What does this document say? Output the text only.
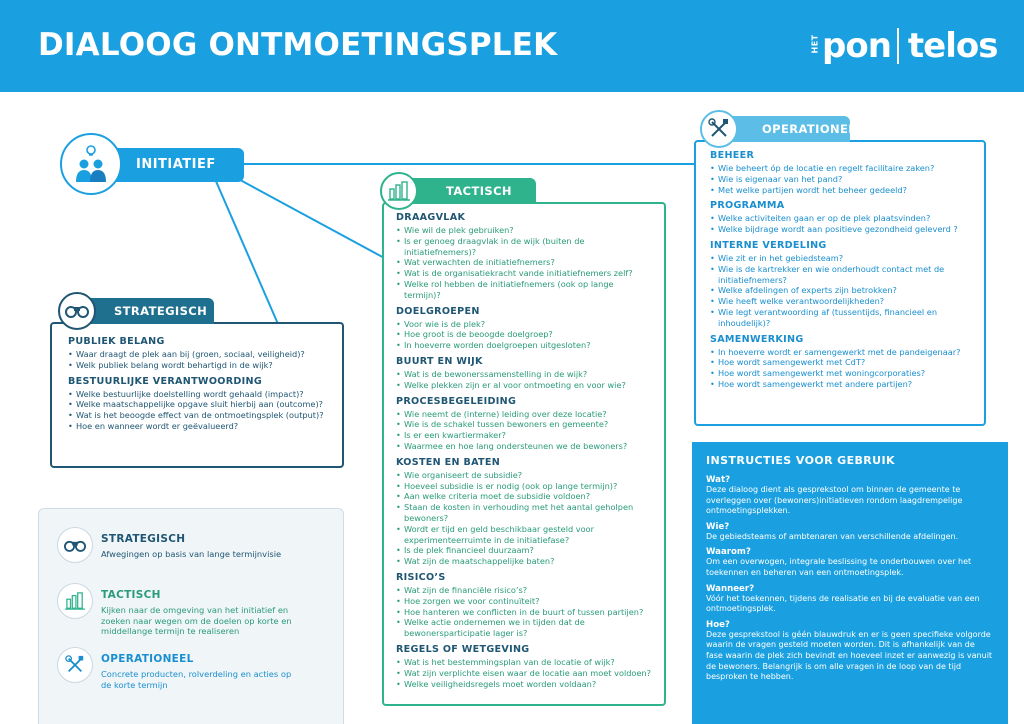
DIALOOG ONTMOETINGSPLEK	HET pon telos
INITIATIEF
PUBLIEK BELANG
• Waar draagt de plek aan bij (groen, sociaal, veiligheid)?
• Welk publiek belang wordt behartigd in de wijk?
BESTUURLIJKE VERANTWOORDING
• Welke bestuurlijke doelstelling wordt gehaald (impact)?
• Welke maatschappelijke opgave sluit hierbij aan (outcome)?
• Wat is het beoogde effect van de ontmoetingsplek (output)?
• Hoe en wanneer wordt er geëvalueerd?
STRATEGISCH
DRAAGVLAK
• Wie wil de plek gebruiken?
• Is er genoeg draagvlak in de wijk (buiten de initiatiefnemers)?
• Wat verwachten de initiatiefnemers?
• Wat is de organisatiekracht vande initiatiefnemers zelf?
• Welke rol hebben de initiatiefnemers (ook op lange termijn)?
DOELGROEPEN
• Voor wie is de plek?
• Hoe groot is de beoogde doelgroep?
• In hoeverre worden doelgroepen uitgesloten?
BUURT EN WIJK
• Wat is de bewonerssamenstelling in de wijk?
• Welke plekken zijn er al voor ontmoeting en voor wie?
PROCESBEGELEIDING
• Wie neemt de (interne) leiding over deze locatie?
• Wie is de schakel tussen bewoners en gemeente?
• Is er een kwartiermaker?
• Waarmee en hoe lang ondersteunen we de bewoners?
KOSTEN EN BATEN
• Wie organiseert de subsidie?
• Hoeveel subsidie is er nodig (ook op lange termijn)?
• Aan welke criteria moet de subsidie voldoen?
• Staan de kosten in verhouding met het aantal geholpen bewoners?
• Wordt er tijd en geld beschikbaar gesteld voor experimenteerruimte in de initiatiefase?
• Is de plek financieel duurzaam?
• Wat zijn de maatschappelijke baten?
RISICO’S
• Wat zijn de financiële risico’s?
• Hoe zorgen we voor continuïteit?
• Hoe hanteren we conflicten in de buurt of tussen partijen?
• Welke actie ondernemen we in tijden dat de bewonersparticipatie lager is?
REGELS OF WETGEVING
• Wat is het bestemmingsplan van de locatie of wijk?
• Wat zijn verplichte eisen waar de locatie aan moet voldoen?
• Welke veiligheidsregels moet worden voldaan?
TACTISCH
BEHEER
• Wie beheert óp de locatie en regelt facilitaire zaken?
• Wie is eigenaar van het pand?
• Met welke partijen wordt het beheer gedeeld?
PROGRAMMA
• Welke activiteiten gaan er op de plek plaatsvinden?
• Welke bijdrage wordt aan positieve gezondheid geleverd ?
INTERNE VERDELING
• Wie zit er in het gebiedsteam?
• Wie is de kartrekker en wie onderhoudt contact met de initiatiefnemers?
• Welke afdelingen of experts zijn betrokken?
• Wie heeft welke verantwoordelijkheden?
• Wie legt verantwoording af (tussentijds, financieel en inhoudelijk)?
SAMENWERKING
• In hoeverre wordt er samengewerkt met de pandeigenaar?
• Hoe wordt samengewerkt met CdT?
• Hoe wordt samengewerkt met woningcorporaties?
• Hoe wordt samengewerkt met andere partijen?
OPERATIONEEL
STRATEGISCH
Afwegingen op basis van lange termijnvisie
TACTISCH
Kijken naar de omgeving van het initiatief en zoeken naar wegen om de doelen op korte en middellange termijn te realiseren
OPERATIONEEL
Concrete producten, rolverdeling en acties op de korte termijn
INSTRUCTIES VOOR GEBRUIK
Wat?
Deze dialoog dient als gesprekstool om binnen de gemeente te overleggen over (bewoners)initiatieven rondom laagdrempelige ontmoetingsplekken.
Wie?
De gebiedsteams of ambtenaren van verschillende afdelingen.
Waarom?
Om een overwogen, integrale beslissing te onderbouwen over het toekennen en beheren van een ontmoetingsplek.
Wanneer?
Vóór het toekennen, tijdens de realisatie en bij de evaluatie van een ontmoetingsplek.
Hoe?
Deze gesprekstool is géén blauwdruk en er is geen specifieke volgorde waarin de vragen gesteld moeten worden. Dit is afhankelijk van de fase waarin de plek zich bevindt en hoeveel inzet er aanwezig is vanuit de bewoners. Belangrijk is om alle vragen in de loop van de tijd besproken te hebben.
